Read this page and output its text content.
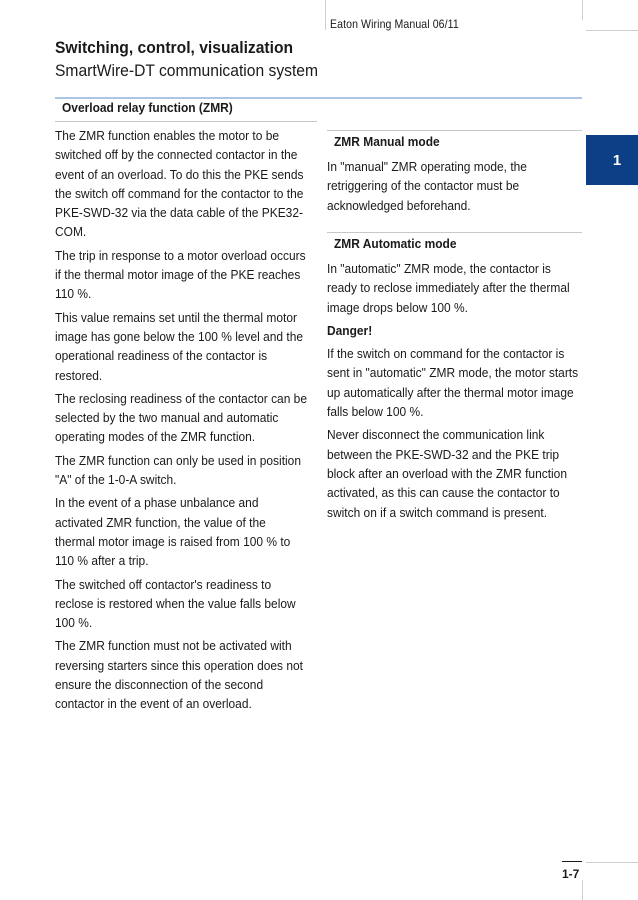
Eaton Wiring Manual 06/11
Switching, control, visualization
SmartWire-DT communication system
Overload relay function (ZMR)

The ZMR function enables the motor to be switched off by the connected contactor in the event of an overload. To do this the PKE sends the switch off command for the contactor to the PKE-SWD-32 via the data cable of the PKE32-COM.

The trip in response to a motor overload occurs if the thermal motor image of the PKE reaches 110 %.

This value remains set until the thermal motor image has gone below the 100 % level and the operational readiness of the contactor is restored.

The reclosing readiness of the contactor can be selected by the two manual and automatic operating modes of the ZMR function.

The ZMR function can only be used in position "A" of the 1-0-A switch.

In the event of a phase unbalance and activated ZMR function, the value of the thermal motor image is raised from 100 % to 110 % after a trip.

The switched off contactor's readiness to reclose is restored when the value falls below 100 %.

The ZMR function must not be activated with reversing starters since this operation does not ensure the disconnection of the second contactor in the event of an overload.

ZMR Manual mode

In "manual" ZMR operating mode, the retriggering of the contactor must be acknowledged beforehand.

ZMR Automatic mode

In "automatic" ZMR mode, the contactor is ready to reclose immediately after the thermal image drops below 100 %.

Danger!

If the switch on command for the contactor is sent in "automatic" ZMR mode, the motor starts up automatically after the thermal motor image falls below 100 %.

Never disconnect the communication link between the PKE-SWD-32 and the PKE trip block after an overload with the ZMR function activated, as this can cause the contactor to switch on if a switch command is present.

1
1-7
